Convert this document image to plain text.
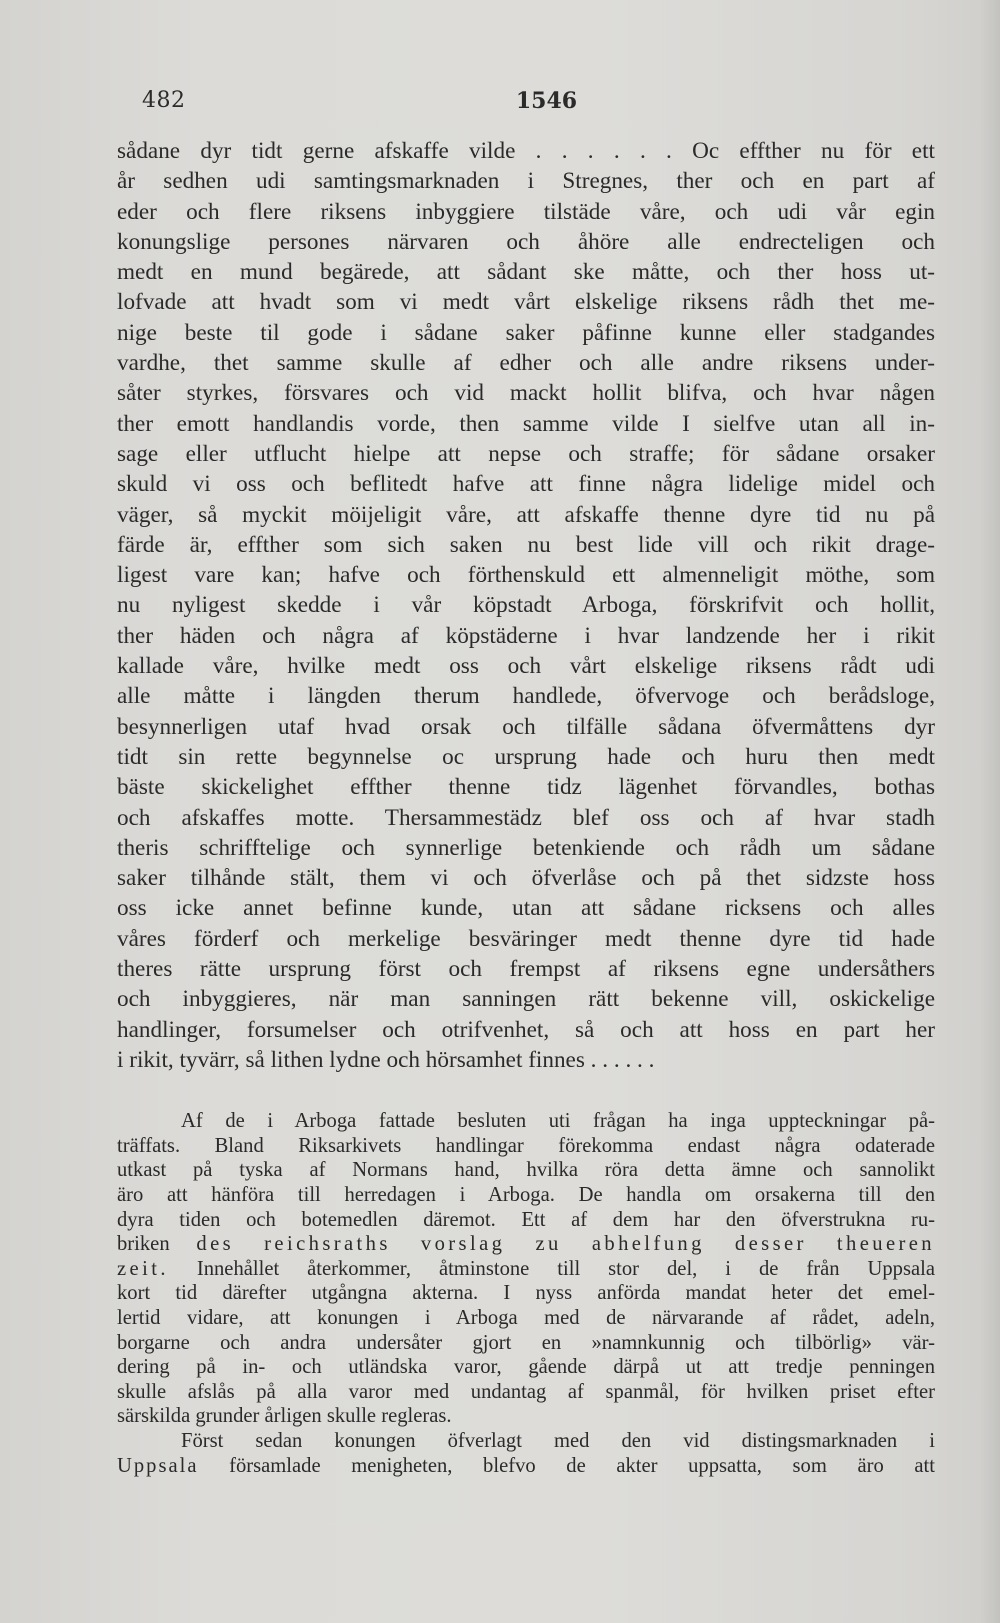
482	1546
sådane dyr tidt gerne afskaffe vilde . . . . . . Oc effther nu för ett
år sedhen udi samtingsmarknaden i Stregnes, ther och en part af
eder och flere riksens inbyggiere tilstäde våre, och udi vår egin
konungslige persones närvaren och åhöre alle endrecteligen och
medt en mund begärede, att sådant ske måtte, och ther hoss ut-
lofvade att hvadt som vi medt vårt elskelige riksens rådh thet me-
nige beste til gode i sådane saker påfinne kunne eller stadgandes
vardhe, thet samme skulle af edher och alle andre riksens under-
såter styrkes, försvares och vid mackt hollit blifva, och hvar någen
ther emott handlandis vorde, then samme vilde I sielfve utan all in-
sage eller utflucht hielpe att nepse och straffe; för sådane orsaker
skuld vi oss och beflitedt hafve att finne några lidelige midel och
väger, så myckit möijeligit våre, att afskaffe thenne dyre tid nu på
färde är, effther som sich saken nu best lide vill och rikit drage-
ligest vare kan; hafve och förthenskuld ett almenneligit möthe, som
nu nyligest skedde i vår köpstadt Arboga, förskrifvit och hollit,
ther häden och några af köpstäderne i hvar landzende her i rikit
kallade våre, hvilke medt oss och vårt elskelige riksens rådt udi
alle måtte i längden therum handlede, öfvervoge och berådsloge,
besynnerligen utaf hvad orsak och tilfälle sådana öfvermåttens dyr
tidt sin rette begynnelse oc ursprung hade och huru then medt
bäste skickelighet effther thenne tidz lägenhet förvandles, bothas
och afskaffes motte. Thersammestädz blef oss och af hvar stadh
theris schrifftelige och synnerlige betenkiende och rådh um sådane
saker tilhånde stält, them vi och öfverlåse och på thet sidzste hoss
oss icke annet befinne kunde, utan att sådane ricksens och alles
våres förderf och merkelige besväringer medt thenne dyre tid hade
theres rätte ursprung först och frempst af riksens egne undersåthers
och inbyggieres, när man sanningen rätt bekenne vill, oskickelige
handlinger, forsumelser och otrifvenhet, så och att hoss en part her
i rikit, tyvärr, så lithen lydne och hörsamhet finnes . . . . . .
Af de i Arboga fattade besluten uti frågan ha inga uppteckningar på-
träffats. Bland Riksarkivets handlingar förekomma endast några odaterade
utkast på tyska af Normans hand, hvilka röra detta ämne och sannolikt
äro att hänföra till herredagen i Arboga. De handla om orsakerna till den
dyra tiden och botemedlen däremot. Ett af dem har den öfverstrukna ru-
briken des reichsraths vorslag zu abhelfung desser theueren
zeit. Innehållet återkommer, åtminstone till stor del, i de från Uppsala
kort tid därefter utgångna akterna. I nyss anförda mandat heter det emel-
lertid vidare, att konungen i Arboga med de närvarande af rådet, adeln,
borgarne och andra undersåter gjort en »namnkunnig och tilbörlig» vär-
dering på in- och utländska varor, gående därpå ut att tredje penningen
skulle afslås på alla varor med undantag af spanmål, för hvilken priset efter
särskilda grunder årligen skulle regleras.
Först sedan konungen öfverlagt med den vid distingsmarknaden i
Uppsala församlade menigheten, blefvo de akter uppsatta, som äro att
